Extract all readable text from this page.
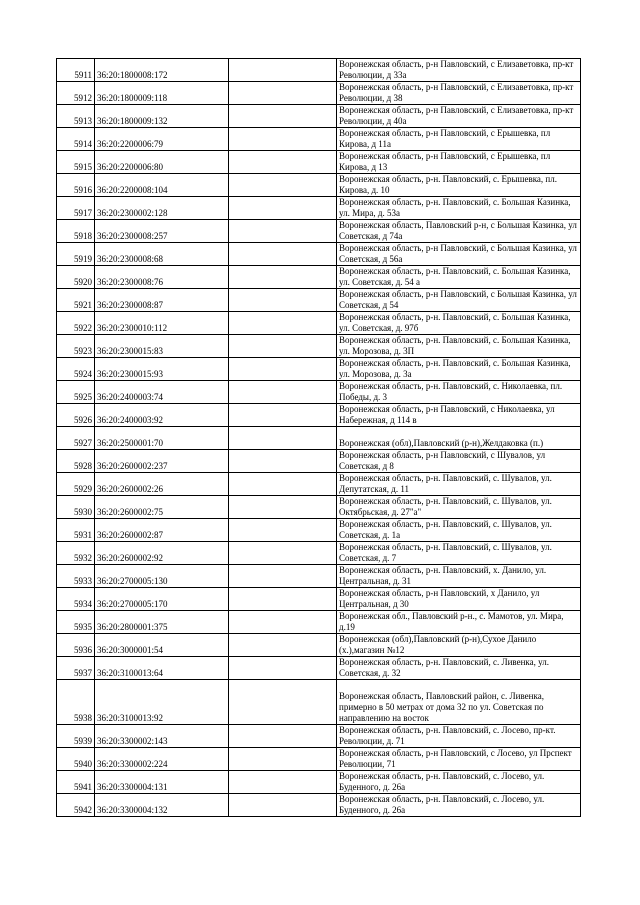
5911	36:20:1800008:172		Воронежская область, р-н Павловский, с Елизаветовка, пр-кт Революции, д 33а
5912	36:20:1800009:118		Воронежская область, р-н Павловский, с Елизаветовка, пр-кт Революции, д 38
5913	36:20:1800009:132		Воронежская область, р-н Павловский, с Елизаветовка, пр-кт Революции, д 40а
5914	36:20:2200006:79		Воронежская область, р-н Павловский, с Ерышевка, пл Кирова, д 11а
5915	36:20:2200006:80		Воронежская область, р-н Павловский, с Ерышевка, пл Кирова, д 13
5916	36:20:2200008:104		Воронежская область, р-н. Павловский, с. Ерышевка, пл. Кирова, д. 10
5917	36:20:2300002:128		Воронежская область, р-н. Павловский, с. Большая Казинка, ул. Мира, д. 53а
5918	36:20:2300008:257		Воронежская область, Павловский р-н, с Большая Казинка, ул Советская, д 74а
5919	36:20:2300008:68		Воронежская область, р-н Павловский, с Большая Казинка, ул Советская, д 56а
5920	36:20:2300008:76		Воронежская область, р-н. Павловский, с. Большая Казинка, ул. Советская, д. 54 а
5921	36:20:2300008:87		Воронежская область, р-н Павловский, с Большая Казинка, ул Советская, д 54
5922	36:20:2300010:112		Воронежская область, р-н. Павловский, с. Большая Казинка, ул. Советская, д. 97б
5923	36:20:2300015:83		Воронежская область, р-н. Павловский, с. Большая Казинка, ул. Морозова, д. 3П
5924	36:20:2300015:93		Воронежская область, р-н. Павловский, с. Большая Казинка, ул. Морозова, д. 3а
5925	36:20:2400003:74		Воронежская область, р-н. Павловский, с. Николаевка, пл. Победы, д. 3
5926	36:20:2400003:92		Воронежская область, р-н Павловский, с Николаевка, ул Набережная, д 114 в
5927	36:20:2500001:70		Воронежская (обл),Павловский (р-н),Желдаковка (п.)
5928	36:20:2600002:237		Воронежская область, р-н Павловский, с Шувалов, ул Советская, д 8
5929	36:20:2600002:26		Воронежская область, р-н. Павловский, с. Шувалов, ул. Депутатская, д. 11
5930	36:20:2600002:75		Воронежская область, р-н. Павловский, с. Шувалов, ул. Октябрьская, д. 27"а"
5931	36:20:2600002:87		Воронежская область, р-н. Павловский, с. Шувалов, ул. Советская, д. 1а
5932	36:20:2600002:92		Воронежская область, р-н. Павловский, с. Шувалов, ул. Советская, д. 7
5933	36:20:2700005:130		Воронежская область, р-н. Павловский, х. Данило, ул. Центральная, д. 31
5934	36:20:2700005:170		Воронежская область, р-н Павловский, х Данило, ул Центральная, д 30
5935	36:20:2800001:375		Воронежская обл., Павловский р-н., с. Мамотов, ул. Мира, д.19
5936	36:20:3000001:54		Воронежская (обл),Павловский (р-н),Сухое Данило (х.),магазин №12
5937	36:20:3100013:64		Воронежская область, р-н. Павловский, с. Ливенка, ул. Советская, д. 32
5938	36:20:3100013:92		Воронежская область, Павловский район, с. Ливенка, примерно в 50 метрах от дома 32 по ул. Советская по направлению на восток
5939	36:20:3300002:143		Воронежская область, р-н. Павловский, с. Лосево, пр-кт. Революции, д. 71
5940	36:20:3300002:224		Воронежская область, р-н Павловский, с Лосево, ул Прспект Революции, 71
5941	36:20:3300004:131		Воронежская область, р-н. Павловский, с. Лосево, ул. Буденного, д. 26а
5942	36:20:3300004:132		Воронежская область, р-н. Павловский, с. Лосево, ул. Буденного, д. 26а
